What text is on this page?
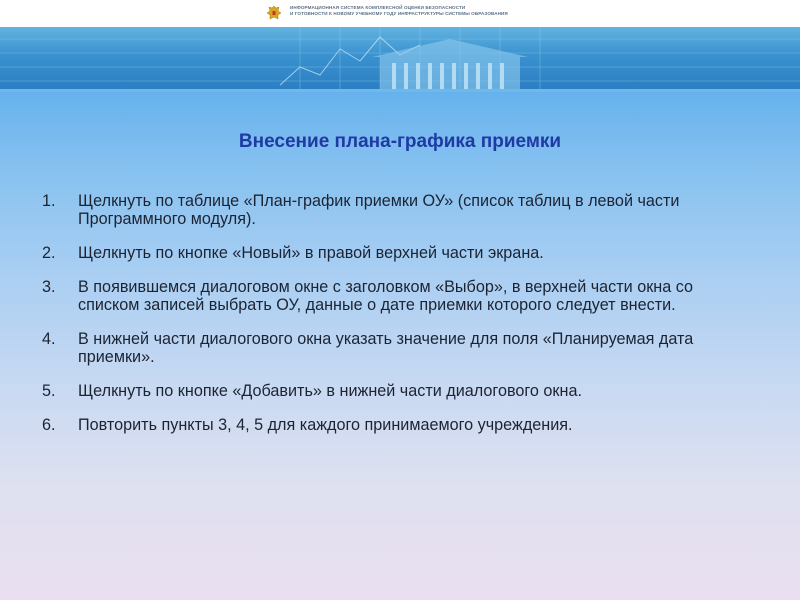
ИНФОРМАЦИОННАЯ СИСТЕМА КОМПЛЕКСНОЙ ОЦЕНКИ БЕЗОПАСНОСТИ
И ГОТОВНОСТИ К НОВОМУ УЧЕБНОМУ ГОДУ ИНФРАСТРУКТУРЫ СИСТЕМЫ ОБРАЗОВАНИЯ
Внесение плана-графика приемки
1. Щелкнуть по таблице «План-график приемки ОУ» (список таблиц в левой части Программного модуля).
2. Щелкнуть по кнопке «Новый» в правой верхней части экрана.
3. В появившемся диалоговом окне с заголовком «Выбор», в верхней части окна со списком записей выбрать ОУ, данные о дате приемки которого следует внести.
4. В нижней части диалогового окна указать значение для поля «Планируемая дата приемки».
5. Щелкнуть по кнопке «Добавить» в нижней части диалогового окна.
6. Повторить пункты 3, 4, 5 для каждого принимаемого учреждения.
